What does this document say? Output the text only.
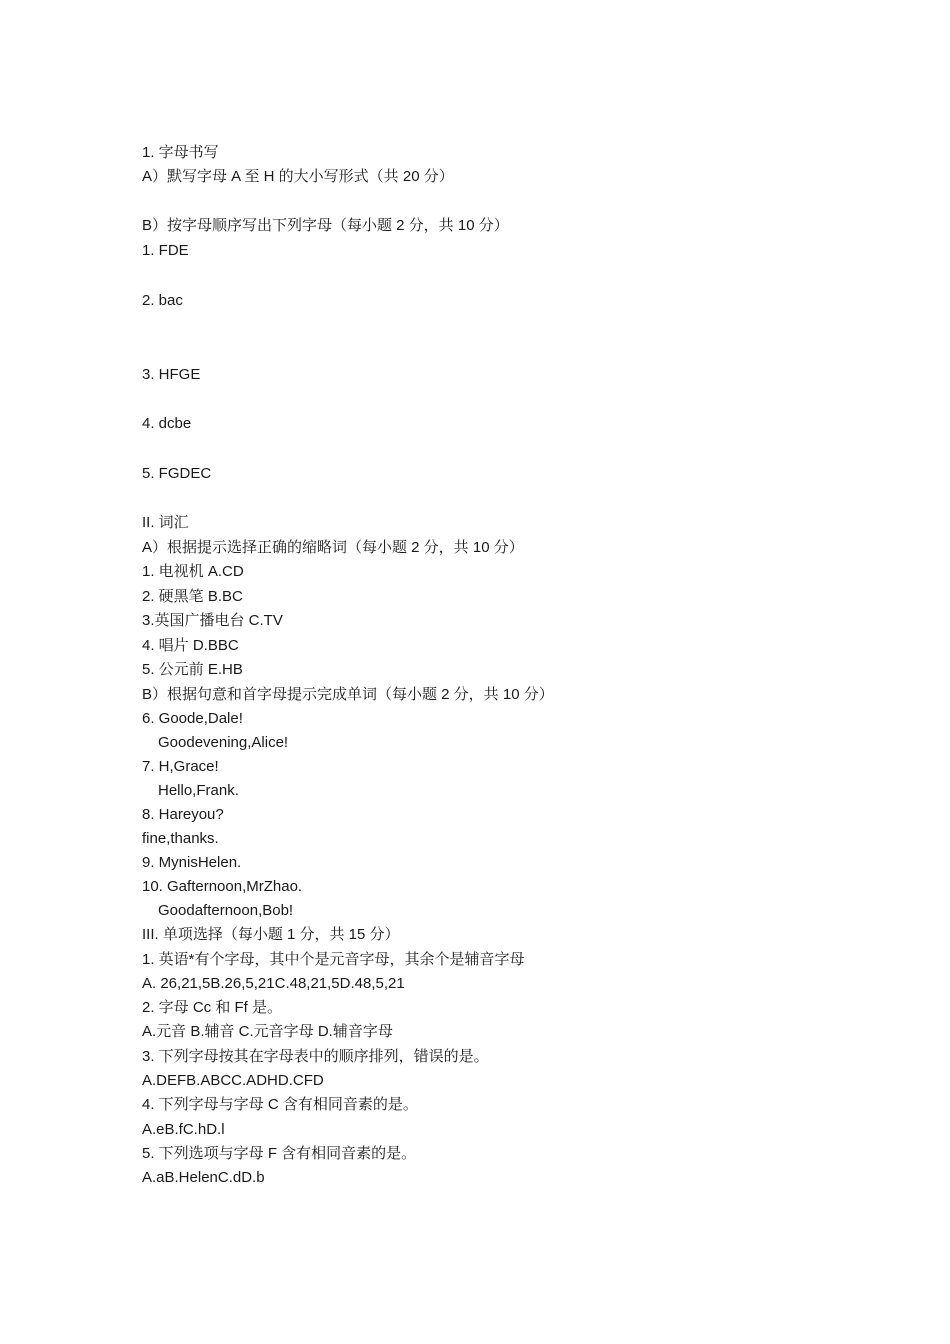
1. 字母书写
A）默写字母 A 至 H 的大小写形式（共 20 分）
B）按字母顺序写出下列字母（每小题 2 分，共 10 分）
1. FDE
2. bac
3. HFGE
4. dcbe
5. FGDEC
II. 词汇
A）根据提示选择正确的缩略词（每小题 2 分，共 10 分）
1. 电视机 A.CD
2. 硬黑笔 B.BC
3.英国广播电台 C.TV
4. 唱片 D.BBC
5. 公元前 E.HB
B）根据句意和首字母提示完成单词（每小题 2 分，共 10 分）
6. Goode,Dale!
Goodevening,Alice!
7. H,Grace!
Hello,Frank.
8. Hareyou?
fine,thanks.
9. MynisHelen.
10. Gafternoon,MrZhao.
Goodafternoon,Bob!
III. 单项选择（每小题 1 分，共 15 分）
1. 英语*有个字母，其中个是元音字母，其余个是辅音字母
A. 26,21,5B.26,5,21C.48,21,5D.48,5,21
2. 字母 Cc 和 Ff 是。
A.元音 B.辅音 C.元音字母 D.辅音字母
3. 下列字母按其在字母表中的顺序排列，错误的是。
A.DEFB.ABCC.ADHD.CFD
4. 下列字母与字母 C 含有相同音素的是。
A.eB.fC.hD.l
5. 下列选项与字母 F 含有相同音素的是。
A.aB.HelenC.dD.b
